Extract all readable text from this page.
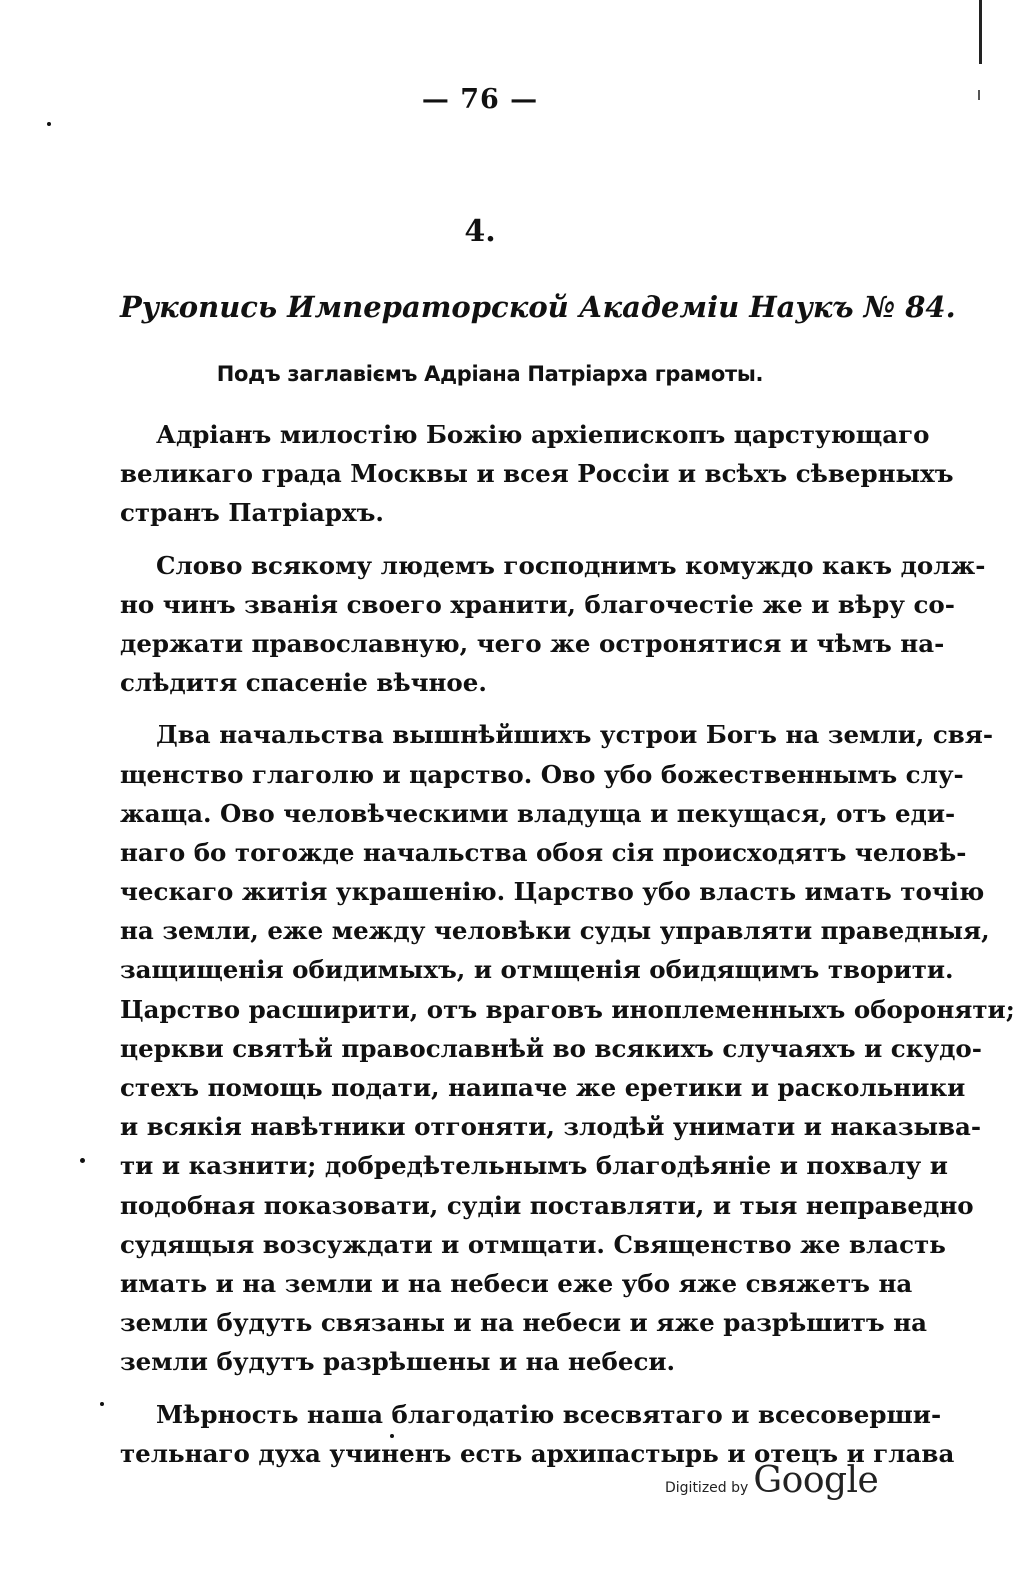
— 76 —
4.
Рукопись Императорской Академіи Наукъ № 84.
Подъ заглавіємъ Адріана Патріарха грамоты.
Адріанъ милостію Божію архіепископъ царстующаго
великаго града Москвы и всея Россіи и всѣхъ сѣверныхъ
странъ Патріархъ.
Слово всякому людемъ господнимъ комуждо какъ долж-
но чинъ званія своего хранити, благочестіе же и вѣру со-
держати православную, чего же остронятися и чѣмъ на-
слѣдитя спасеніе вѣчное.
Два начальства вышнѣйшихъ устрои Богъ на земли, свя-
щенство глаголю и царство. Ово убо божественнымъ слу-
жаща. Ово человѣческими владуща и пекущася, отъ еди-
наго бо тогожде начальства обоя сія происходятъ человѣ-
ческаго житія украшенію. Царство убо власть имать точію
на земли, еже между человѣки суды управляти праведныя,
защищенія обидимыхъ, и отмщенія обидящимъ творити.
Царство расширити, отъ враговъ иноплеменныхъ обороняти;
церкви святѣй православнѣй во всякихъ случаяхъ и скудо-
стехъ помощь подати, наипаче же еретики и раскольники
и всякія навѣтники отгоняти, злодѣй унимати и наказыва-
ти и казнити; добредѣтельнымъ благодѣяніе и похвалу и
подобная показовати, судіи поставляти, и тыя неправедно
судящыя возсуждати и отмщати. Священство же власть
имать и на земли и на небеси еже убо яже свяжетъ на
земли будуть связаны и на небеси и яже разрѣшитъ на
земли будутъ разрѣшены и на небеси.
Мѣрность наша благодатію всесвятаго и всесоверши-
тельнаго духа учиненъ есть архипастырь и отецъ и глава
Digitized by Google
